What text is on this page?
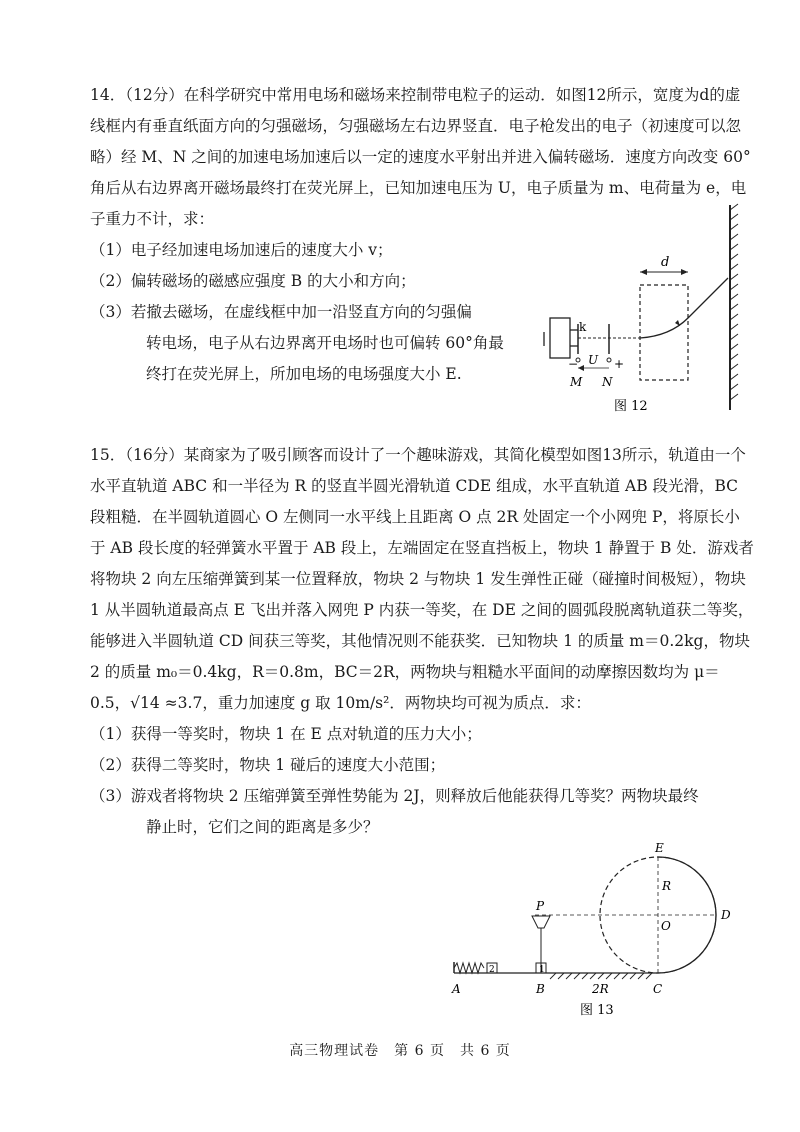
14．（12分）在科学研究中常用电场和磁场来控制带电粒子的运动．如图12所示，宽度为d的虚线框内有垂直纸面方向的匀强磁场，匀强磁场左右边界竖直．电子枪发出的电子（初速度可以忽略）经 M、N 之间的加速电场加速后以一定的速度水平射出并进入偏转磁场．速度方向改变 60°角后从右边界离开磁场最终打在荧光屏上，已知加速电压为 U，电子质量为 m、电荷量为 e，电子重力不计，求：

（1）电子经加速电场加速后的速度大小 v；

（2）偏转磁场的磁感应强度 B 的大小和方向；

（3）若撤去磁场，在虚线框中加一沿竖直方向的匀强偏

转电场，电子从右边界离开电场时也可偏转 60°角最

终打在荧光屏上，所加电场的电场强度大小 E.

d
k
U
−	+
M N
图 12

15．（16分）某商家为了吸引顾客而设计了一个趣味游戏，其简化模型如图13所示，轨道由一个水平直轨道 ABC 和一半径为 R 的竖直半圆光滑轨道 CDE 组成，水平直轨道 AB 段光滑，BC 段粗糙．在半圆轨道圆心 O 左侧同一水平线上且距离 O 点 2R 处固定一个小网兜 P，将原长小于 AB 段长度的轻弹簧水平置于 AB 段上，左端固定在竖直挡板上，物块 1 静置于 B 处．游戏者将物块 2 向左压缩弹簧到某一位置释放，物块 2 与物块 1 发生弹性正碰（碰撞时间极短），物块 1 从半圆轨道最高点 E 飞出并落入网兜 P 内获一等奖，在 DE 之间的圆弧段脱离轨道获二等奖，能够进入半圆轨道 CD 间获三等奖，其他情况则不能获奖．已知物块 1 的质量 m＝0.2kg，物块 2 的质量 m₀＝0.4kg，R＝0.8m，BC＝2R，两物块与粗糙水平面间的动摩擦因数均为 μ＝0.5，√14 ≈3.7，重力加速度 g 取 10m/s²．两物块均可视为质点．求：

（1）获得一等奖时，物块 1 在 E 点对轨道的压力大小；

（2）获得二等奖时，物块 1 碰后的速度大小范围；

（3）游戏者将物块 2 压缩弹簧至弹性势能为 2J，则释放后他能获得几等奖？两物块最终

静止时，它们之间的距离是多少？

E
R
O
D
P
2	1
A	B	2R	C
图 13
高三物理试卷　第 6 页　共 6 页
